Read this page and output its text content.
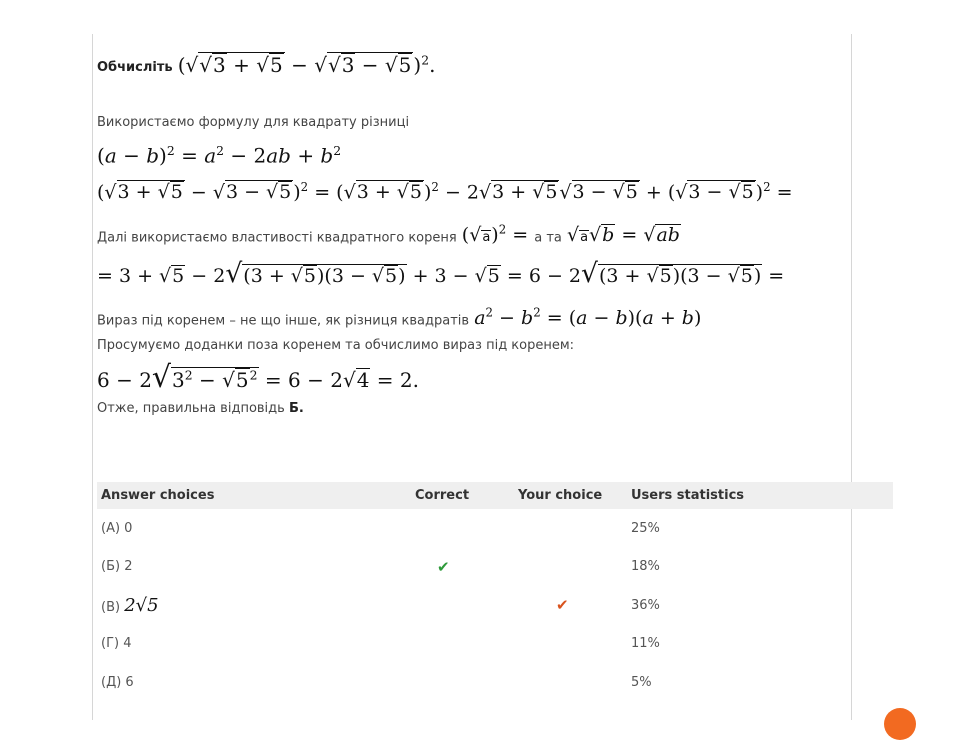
Обчисліть (√√3 + √5 − √√3 − √5 )$^2$.
Використаємо формулу для квадрату різниці
$(a - b)^2 = a^2 - 2ab + b^2$
(√3 + √5 − √3 − √5 )$^2$ = (√3 + √5 )$^2$ − 2√3 + √5 √3 − √5 + (√3 − √5 )$^2$ =
Далі використаємо властивості квадратного кореня $(√a)^2 = а$ та √a√b = √ab
= 3 + √5 − 2√(3 + √5)(3 − √5) + 3 − √5 = 6 − 2√(3 + √5)(3 − √5) =
Вираз під коренем – не що інше, як різниця квадратів $a^2 - b^2 = (a - b)(a + b)$
Просумуємо доданки поза коренем та обчислимо вираз під коренем:
$6 - 2√3^2 - √5^2 = 6 - 2√4 = 2$.
Отже, правильна відповідь Б.
Answer choices	Correct	Your choice	Users statistics
(А) 0			25%
(Б) 2	✔		18%
(В) 2√5		✔	36%
(Г) 4			11%
(Д) 6			5%
